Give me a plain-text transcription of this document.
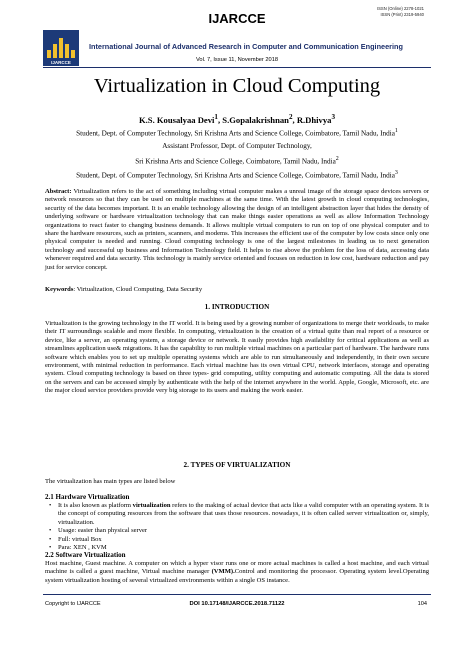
IJARCCE
ISSN (Online) 2278-1021
ISSN (Print) 2319-5940
IJARCCE
International Journal of Advanced Research in Computer and Communication Engineering
Vol. 7, Issue 11, November 2018
Virtualization in Cloud Computing
K.S. Kousalyaa Devi$^1$, S.Gopalakrishnan$^2$, R.Dhivya$^3$
Student, Dept. of Computer Technology, Sri Krishna Arts and Science College, Coimbatore, Tamil Nadu, India$^1$
Assistant Professor, Dept. of Computer Technology,
Sri Krishna Arts and Science College, Coimbatore, Tamil Nadu, India$^2$
Student, Dept. of Computer Technology, Sri Krishna Arts and Science College, Coimbatore, Tamil Nadu, India$^3$

Abstract: Virtualization refers to the act of something including virtual computer makes a unreal image of the storage space devices servers or network resources so that they can be used on multiple machines at the same time. With the latest growth in cloud computing technologies, security of the data becomes important. It is an enable technology allowing the design of an intelligent abstraction layer that hides the density of underlying software or hardware virtualization technology that can make things easier operations as well as allow Information Technology organizations to react faster to changing business demands. It allows multiple virtual computers to run on top of one physical computer and to share the hardware resources, such as printers, scanners, and modems. This increases the efficient use of the computer by low costs since only one physical computer is needed and running. Cloud computing technology is one of the largest milestones in leading us to next generation technology and successful up business and Information Technology field. It helps to rise above the problem for the loss of data, accessing data whenever required and data security. This technology is mainly service oriented and focuses on reduction in low cost, hardware reduction and pay just for service concept.

Keywords: Virtualization, Cloud Computing, Data Security

1. INTRODUCTION

Virtualization is the growing technology in the IT world. It is being used by a growing number of organizations to merge their workloads, to make their IT surroundings scalable and more flexible. In computing, virtualization is the creation of a virtual quite than real report of a resource or device, like a server, an operating system, a storage device or network. It easily provides high availability for critical applications as well as streamlines application use& migrations. It has the capability to run multiple virtual machines on a particular part of hardware. The hardware runs software which enables you to set up multiple operating systems which are able to run simultaneously and independently, in their own secure environment, with minimal reduction in performance. Each virtual machine has its own virtual CPU, network interfaces, storage and operating system. Cloud computing technology is based on three types- grid computing, utility computing and automatic computing. All the data is stored on the servers and can be accessed simply by authenticate with the help of the internet anywhere in the world. Apple, Google, Microsoft, etc. are the major cloud service providers provide very big storage to its users and making the work easier.

2. TYPES OF VIRTUALIZATION

The virtualization has main types are listed below

2.1 Hardware Virtualization
• It is also known as platform virtualization refers to the making of actual device that acts like a valid computer with an operating system. It is the concept of computing resources from the software that uses those resources. nowadays, it is often called server virtualization or, simply, virtualization.
• Usage: easier than physical server
• Full: virtual Box
• Para: XEN , KVM
2.2 Software Virtualization

Host machine, Guest machine. A computer on which a hyper visor runs one or more actual machines is called a host machine, and each virtual machine is called a guest machine, Virtual machine manager (VMM).Control and monitoring the processor. Operating system level.Operating system virtualization hosting of several virtualized environments within a single OS instance.

Copyright to IJARCCE	DOI 10.17148/IJARCCE.2018.71122	104
